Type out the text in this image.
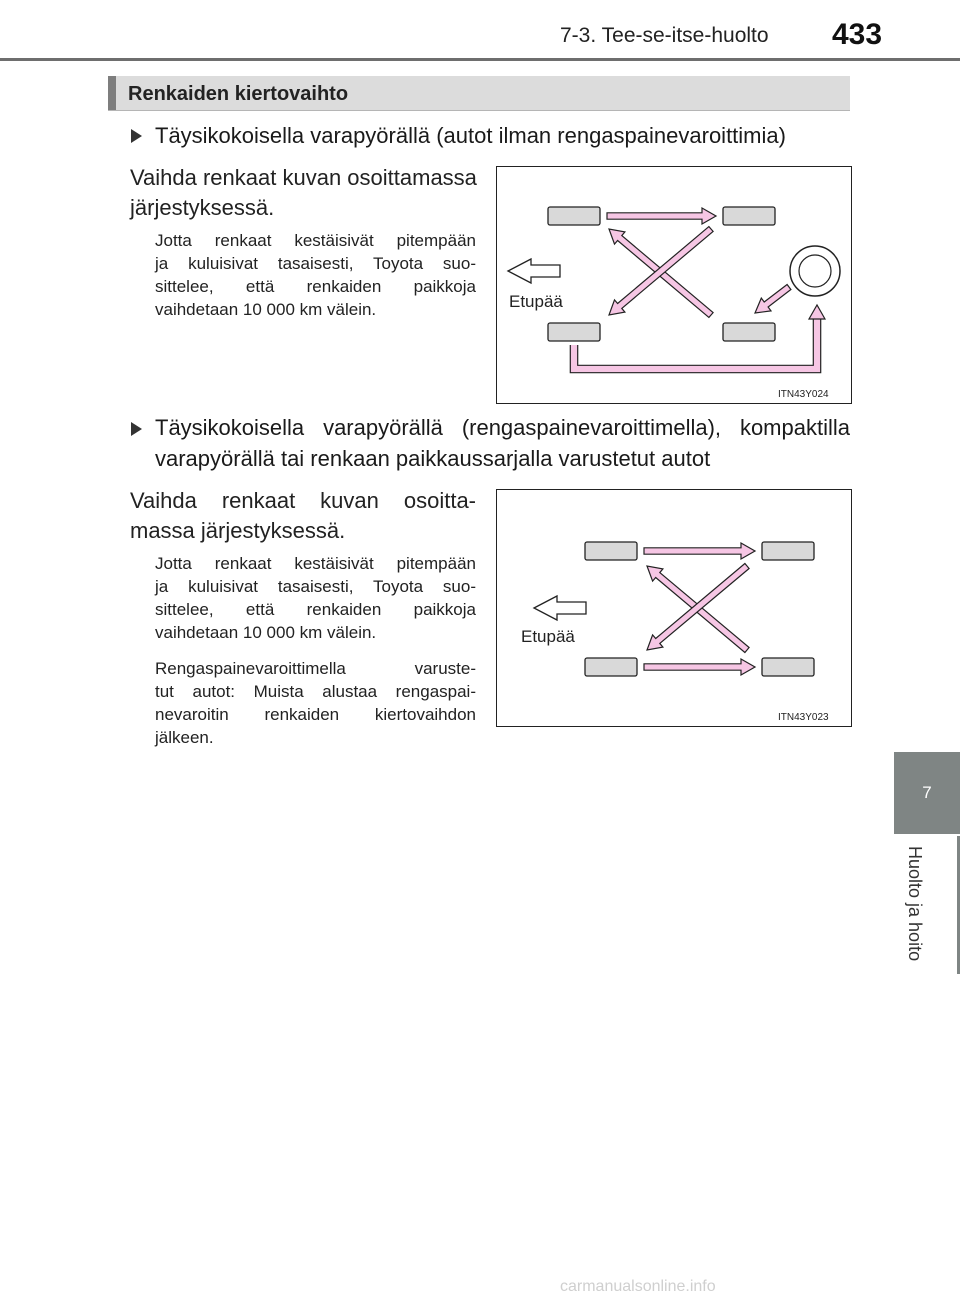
7-3. Tee-se-itse-huolto 433
7
Huolto ja hoito
Renkaiden kiertovaihto
Täysikokoisella varapyörällä (autot ilman rengaspainevaroittimia)
Vaihda renkaat kuvan osoittamassa
järjestyksessä.
Jotta renkaat kestäisivät pitempään
ja kuluisivat tasaisesti, Toyota suo-
sittelee, että renkaiden paikkoja
vaihdetaan 10 000 km välein.	Etupää
ITN43Y024
Täysikokoisella varapyörällä (rengaspainevaroittimella), kompaktilla
varapyörällä tai renkaan paikkaussarjalla varustetut autot
Vaihda renkaat kuvan osoitta-
massa järjestyksessä.
Jotta renkaat kestäisivät pitempään
ja kuluisivat tasaisesti, Toyota suo-
sittelee, että renkaiden paikkoja
vaihdetaan 10 000 km välein.
Rengaspainevaroittimella varuste-
tut autot: Muista alustaa rengaspai-
nevaroitin renkaiden kiertovaihdon
jälkeen.
Etupää
ITN43Y023
carmanualsonline.info
